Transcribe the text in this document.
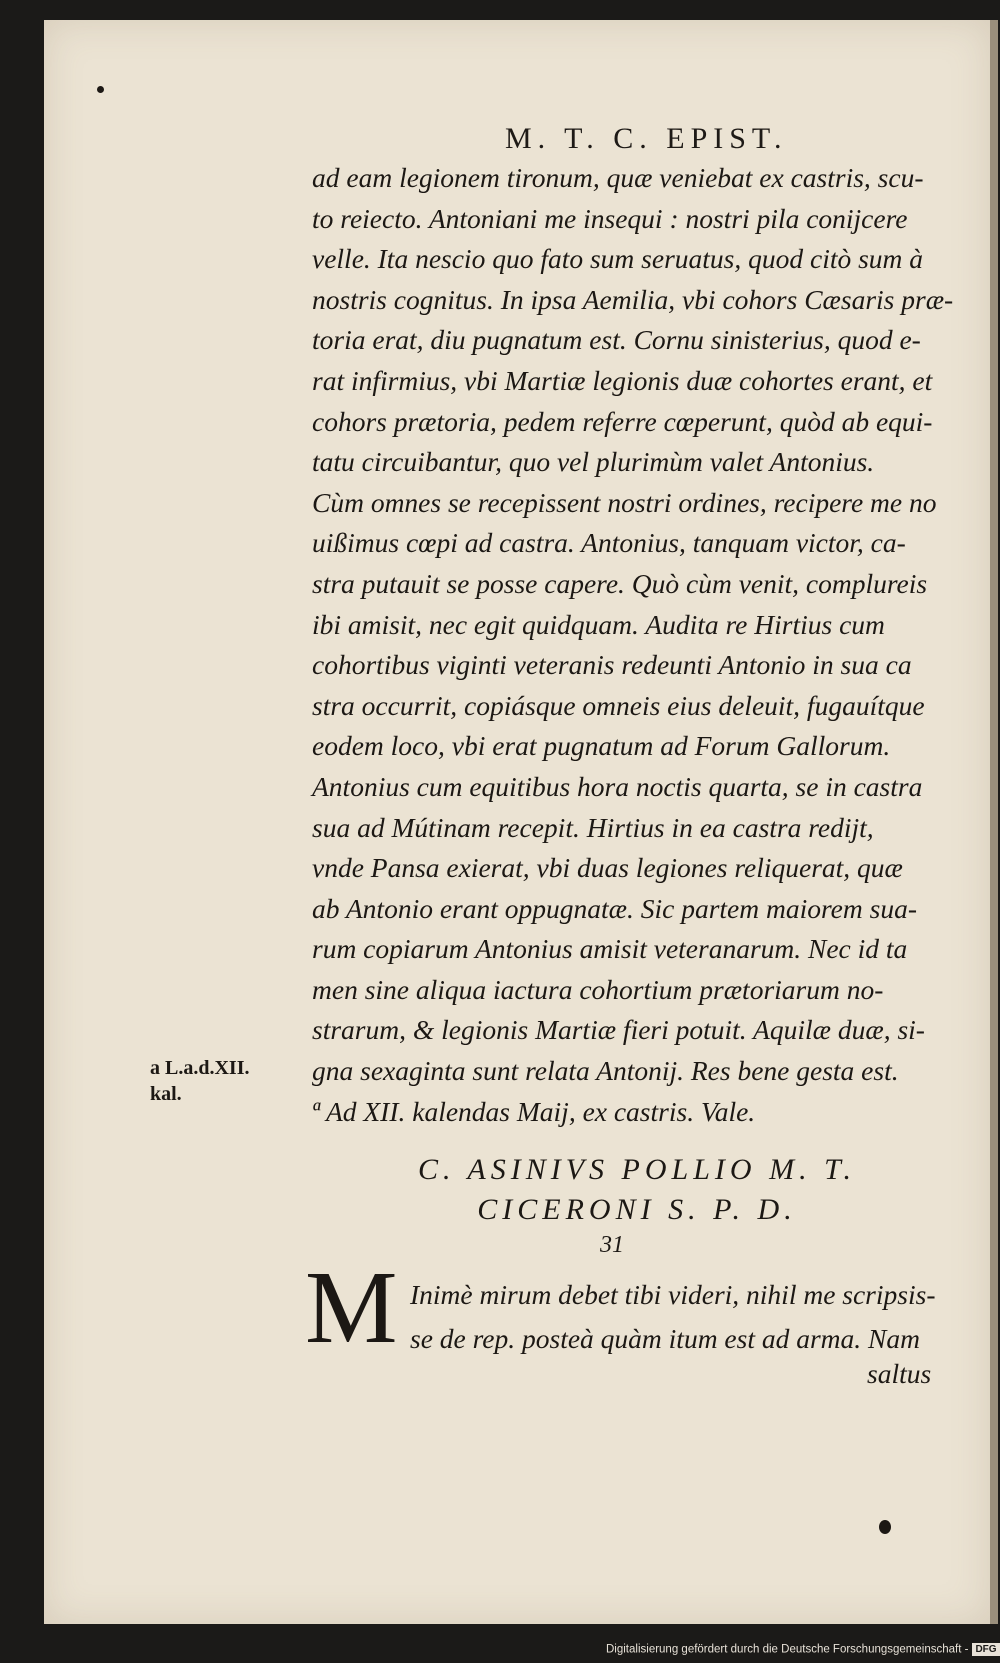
M. T. C. EPIST.
ad eam legionem tironum, quæ veniebat ex castris, scu-
to reiecto. Antoniani me insequi : nostri pila conijcere
velle. Ita nescio quo fato sum seruatus, quod citò sum à
nostris cognitus. In ipsa Aemilia, vbi cohors Cæsaris præ-
toria erat, diu pugnatum est. Cornu sinisterius, quod e-
rat infirmius, vbi Martiæ legionis duæ cohortes erant, et
cohors prætoria, pedem referre cœperunt, quòd ab equi-
tatu circuibantur, quo vel plurimùm valet Antonius.
Cùm omnes se recepissent nostri ordines, recipere me no
uißimus cœpi ad castra. Antonius, tanquam victor, ca-
stra putauit se posse capere. Quò cùm venit, complureis
ibi amisit, nec egit quidquam. Audita re Hirtius cum
cohortibus viginti veteranis redeunti Antonio in sua ca
stra occurrit, copiásque omneis eius deleuit, fugauítque
eodem loco, vbi erat pugnatum ad Forum Gallorum.
Antonius cum equitibus hora noctis quarta, se in castra
sua ad Mútinam recepit. Hirtius in ea castra redijt,
vnde Pansa exierat, vbi duas legiones reliquerat, quæ
ab Antonio erant oppugnatæ. Sic partem maiorem sua-
rum copiarum Antonius amisit veteranarum. Nec id ta
men sine aliqua iactura cohortium prætoriarum no-
strarum, & legionis Martiæ fieri potuit. Aquilæ duæ, si-
gna sexaginta sunt relata Antonij. Res bene gesta est.
ª Ad XII. kalendas Maij, ex castris. Vale.
a L.a.d.XII.
kal.
C. ASINIVS POLLIO M. T.
CICERONI S. P. D.
31
M Inimè mirum debet tibi videri, nihil me scripsis-
se de rep. posteà quàm itum est ad arma. Nam
saltus
Digitalisierung gefördert durch die Deutsche Forschungsgemeinschaft - DFG
